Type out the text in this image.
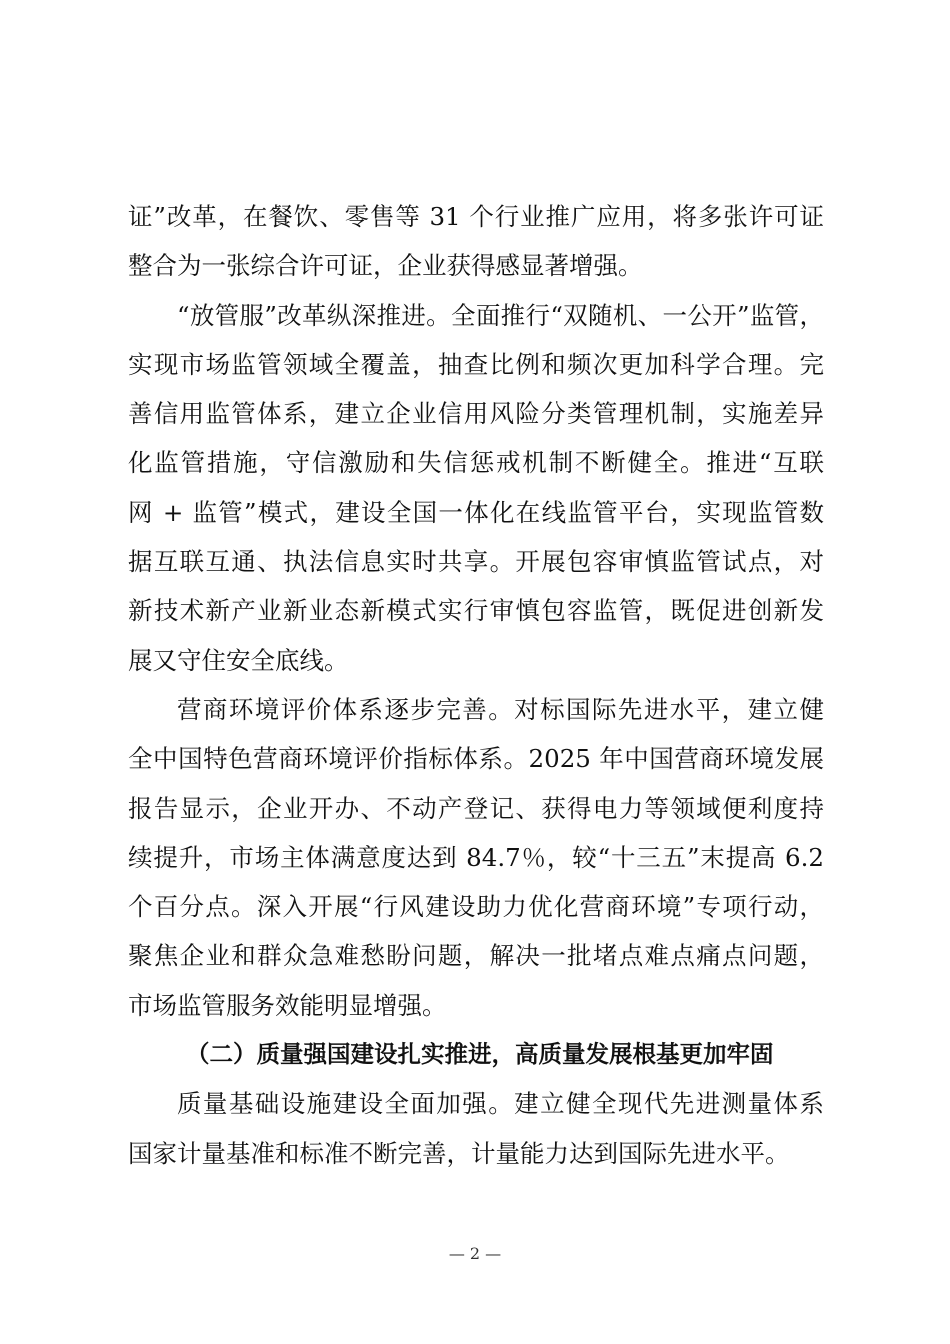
证”改革，在餐饮、零售等 31 个行业推广应用，将多张许可证
整合为一张综合许可证，企业获得感显著增强。
“放管服”改革纵深推进。全面推行“双随机、一公开”监管，
实现市场监管领域全覆盖，抽查比例和频次更加科学合理。完
善信用监管体系，建立企业信用风险分类管理机制，实施差异
化监管措施，守信激励和失信惩戒机制不断健全。推进“互联
网 + 监管”模式，建设全国一体化在线监管平台，实现监管数
据互联互通、执法信息实时共享。开展包容审慎监管试点，对
新技术新产业新业态新模式实行审慎包容监管，既促进创新发
展又守住安全底线。
营商环境评价体系逐步完善。对标国际先进水平，建立健
全中国特色营商环境评价指标体系。2025 年中国营商环境发展
报告显示，企业开办、不动产登记、获得电力等领域便利度持
续提升，市场主体满意度达到 84.7％，较“十三五”末提高 6.2
个百分点。深入开展“行风建设助力优化营商环境”专项行动，
聚焦企业和群众急难愁盼问题，解决一批堵点难点痛点问题，
市场监管服务效能明显增强。
（二）质量强国建设扎实推进，高质量发展根基更加牢固
质量基础设施建设全面加强。建立健全现代先进测量体系
国家计量基准和标准不断完善，计量能力达到国际先进水平。
— 2 —
